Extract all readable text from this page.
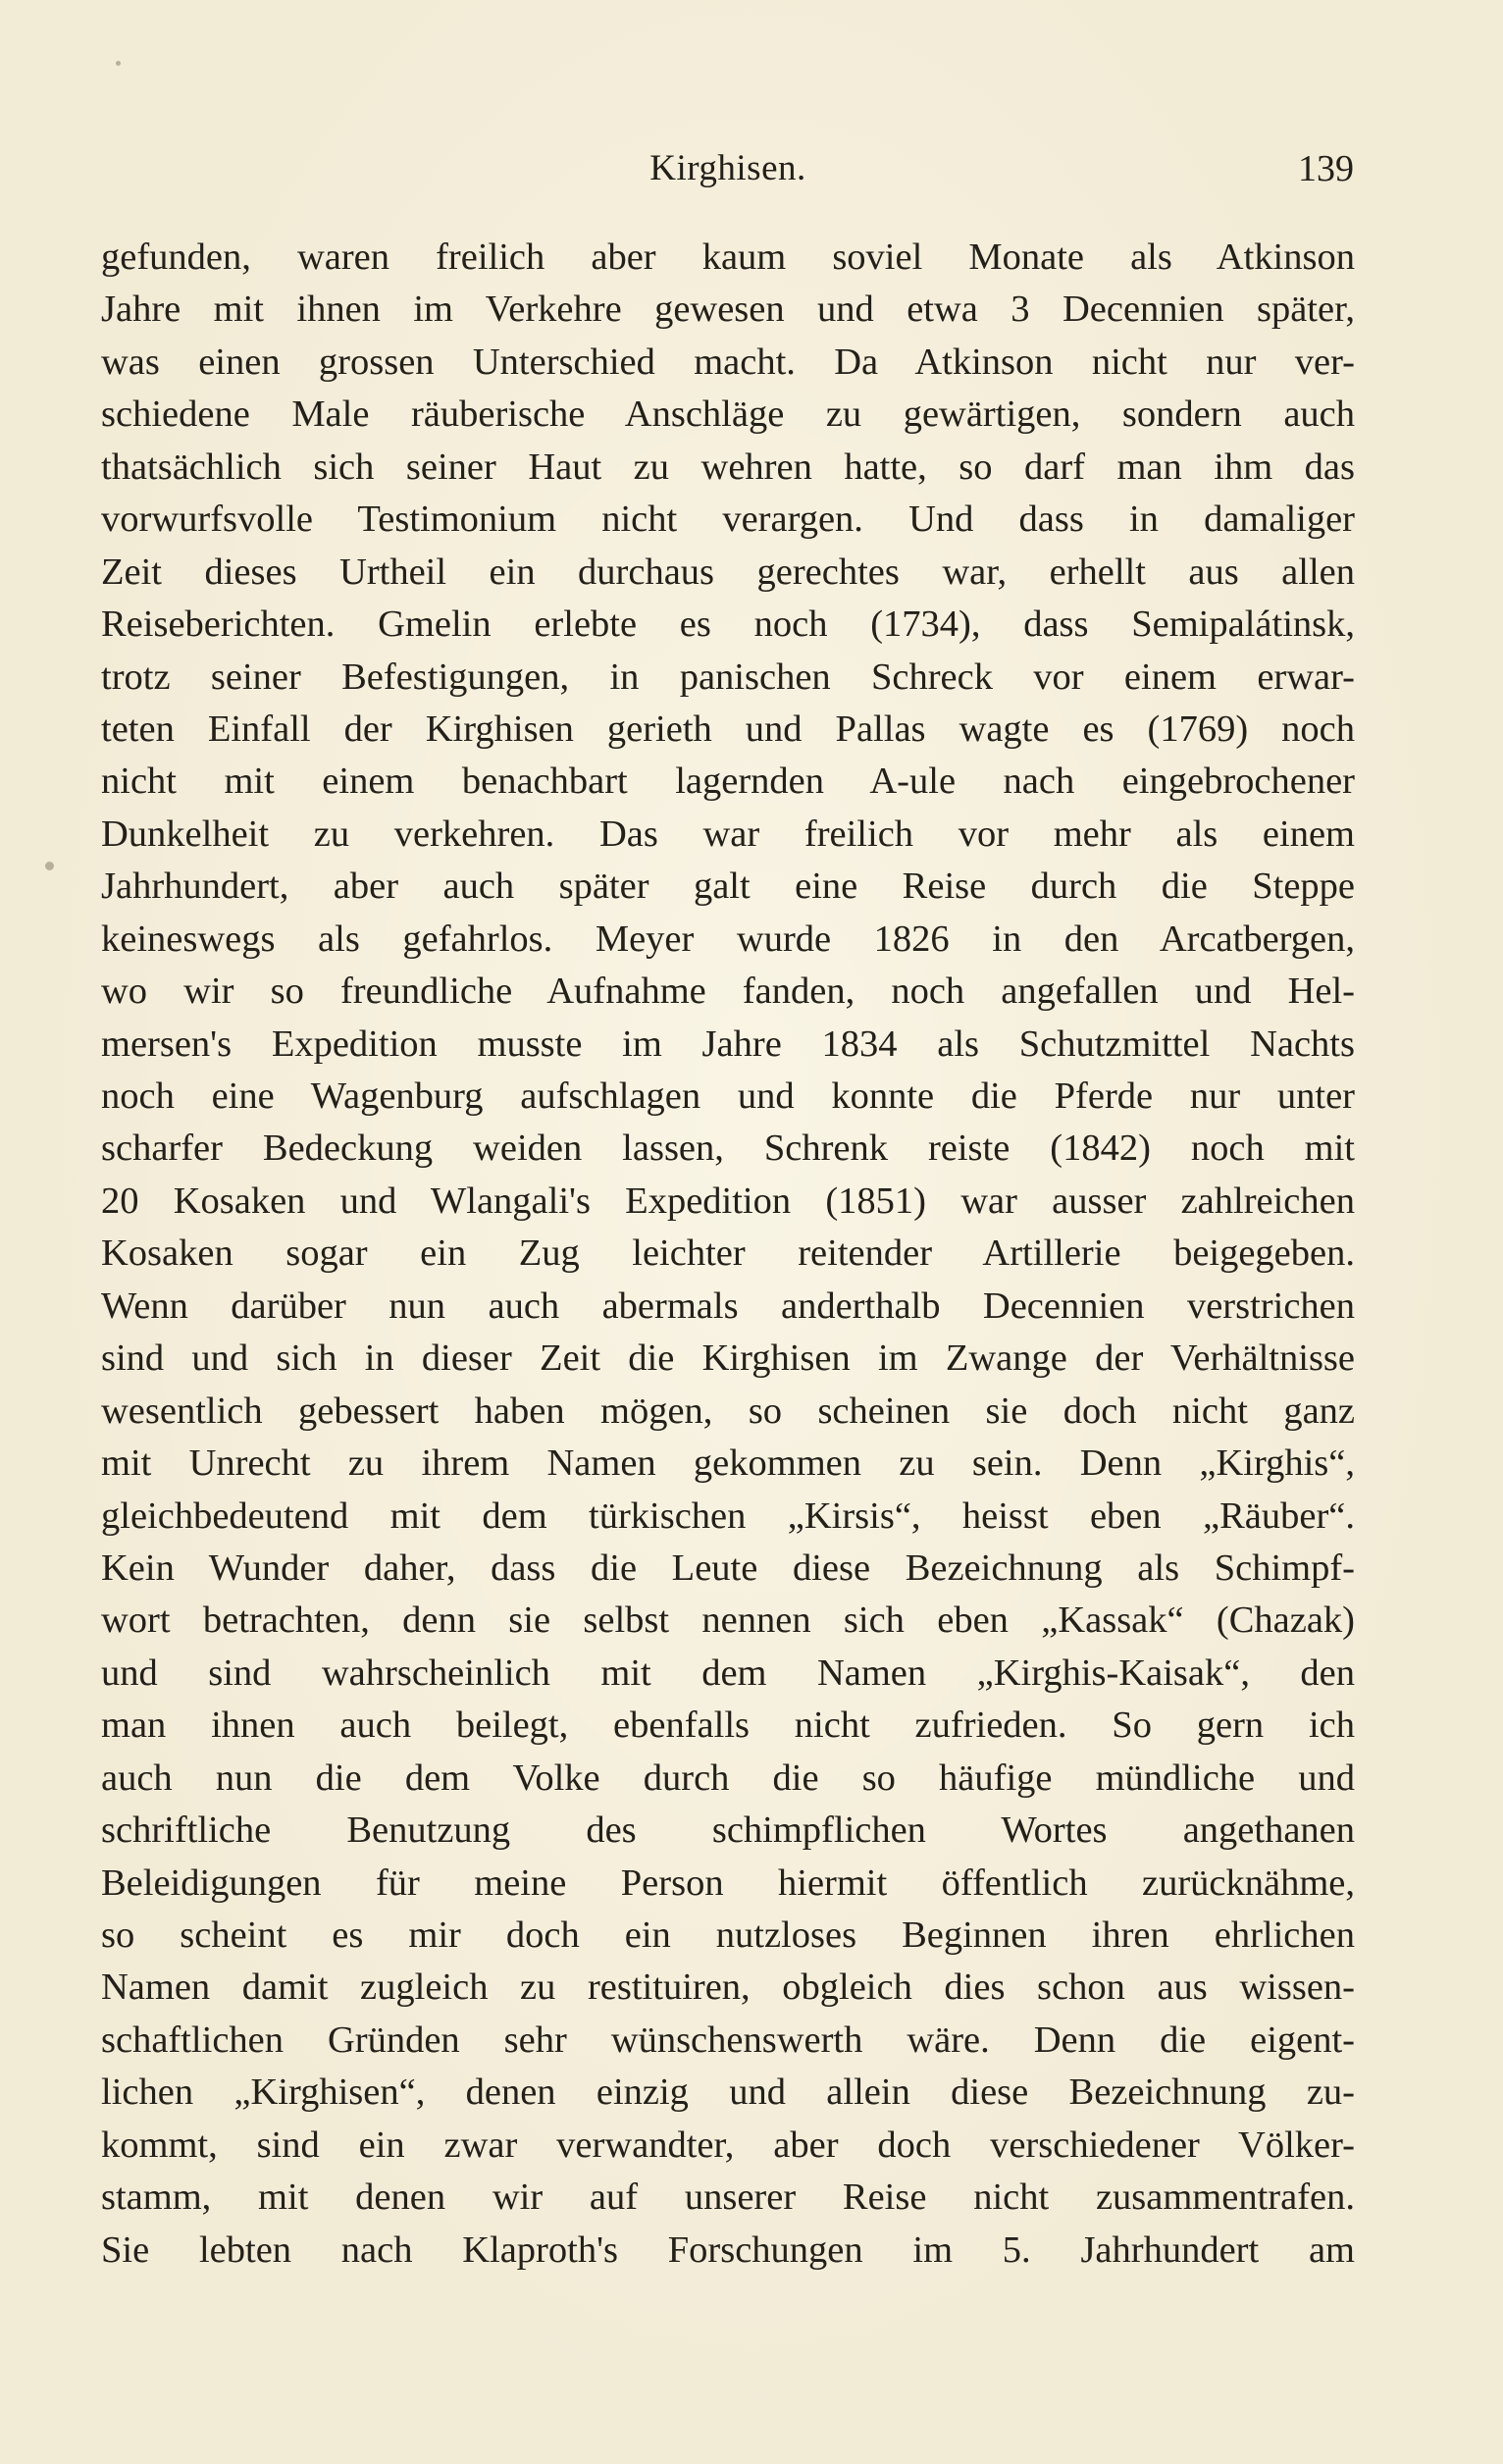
Kirghisen.	139
gefunden, waren freilich aber kaum soviel Monate als Atkinson
Jahre mit ihnen im Verkehre gewesen und etwa 3 Decennien später,
was einen grossen Unterschied macht. Da Atkinson nicht nur ver-
schiedene Male räuberische Anschläge zu gewärtigen, sondern auch
thatsächlich sich seiner Haut zu wehren hatte, so darf man ihm das
vorwurfsvolle Testimonium nicht verargen. Und dass in damaliger
Zeit dieses Urtheil ein durchaus gerechtes war, erhellt aus allen
Reiseberichten. Gmelin erlebte es noch (1734), dass Semipalátinsk,
trotz seiner Befestigungen, in panischen Schreck vor einem erwar-
teten Einfall der Kirghisen gerieth und Pallas wagte es (1769) noch
nicht mit einem benachbart lagernden A-ule nach eingebrochener
Dunkelheit zu verkehren. Das war freilich vor mehr als einem
Jahrhundert, aber auch später galt eine Reise durch die Steppe
keineswegs als gefahrlos. Meyer wurde 1826 in den Arcatbergen,
wo wir so freundliche Aufnahme fanden, noch angefallen und Hel-
mersen's Expedition musste im Jahre 1834 als Schutzmittel Nachts
noch eine Wagenburg aufschlagen und konnte die Pferde nur unter
scharfer Bedeckung weiden lassen, Schrenk reiste (1842) noch mit
20 Kosaken und Wlangali's Expedition (1851) war ausser zahlreichen
Kosaken sogar ein Zug leichter reitender Artillerie beigegeben.
Wenn darüber nun auch abermals anderthalb Decennien verstrichen
sind und sich in dieser Zeit die Kirghisen im Zwange der Verhältnisse
wesentlich gebessert haben mögen, so scheinen sie doch nicht ganz
mit Unrecht zu ihrem Namen gekommen zu sein. Denn „Kirghis“,
gleichbedeutend mit dem türkischen „Kirsis“, heisst eben „Räuber“.
Kein Wunder daher, dass die Leute diese Bezeichnung als Schimpf-
wort betrachten, denn sie selbst nennen sich eben „Kassak“ (Chazak)
und sind wahrscheinlich mit dem Namen „Kirghis-Kaisak“, den
man ihnen auch beilegt, ebenfalls nicht zufrieden. So gern ich
auch nun die dem Volke durch die so häufige mündliche und
schriftliche Benutzung des schimpflichen Wortes angethanen
Beleidigungen für meine Person hiermit öffentlich zurücknähme,
so scheint es mir doch ein nutzloses Beginnen ihren ehrlichen
Namen damit zugleich zu restituiren, obgleich dies schon aus wissen-
schaftlichen Gründen sehr wünschenswerth wäre. Denn die eigent-
lichen „Kirghisen“, denen einzig und allein diese Bezeichnung zu-
kommt, sind ein zwar verwandter, aber doch verschiedener Völker-
stamm, mit denen wir auf unserer Reise nicht zusammentrafen.
Sie lebten nach Klaproth's Forschungen im 5. Jahrhundert am
